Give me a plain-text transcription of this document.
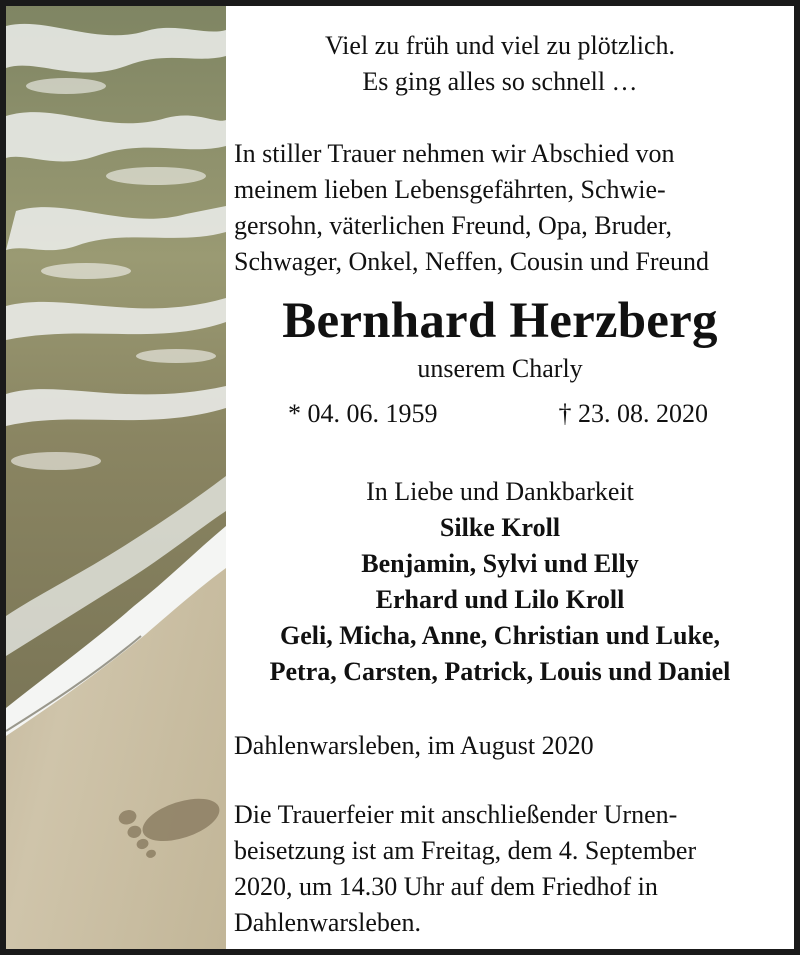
Viel zu früh und viel zu plötzlich.

Es ging alles so schnell …

In stiller Trauer nehmen wir Abschied von

meinem lieben Lebensgefährten, Schwie-

gersohn, väterlichen Freund, Opa, Bruder,

Schwager, Onkel, Neffen, Cousin und Freund

Bernhard Herzberg
unserem Charly
* 04. 06. 1959	† 23. 08. 2020

In Liebe und Dankbarkeit

Silke Kroll

Benjamin, Sylvi und Elly

Erhard und Lilo Kroll

Geli, Micha, Anne, Christian und Luke,

Petra, Carsten, Patrick, Louis und Daniel

Dahlenwarsleben, im August 2020

Die Trauerfeier mit anschließender Urnen-

beisetzung ist am Freitag, dem 4. September

2020, um 14.30 Uhr auf dem Friedhof in

Dahlenwarsleben.
